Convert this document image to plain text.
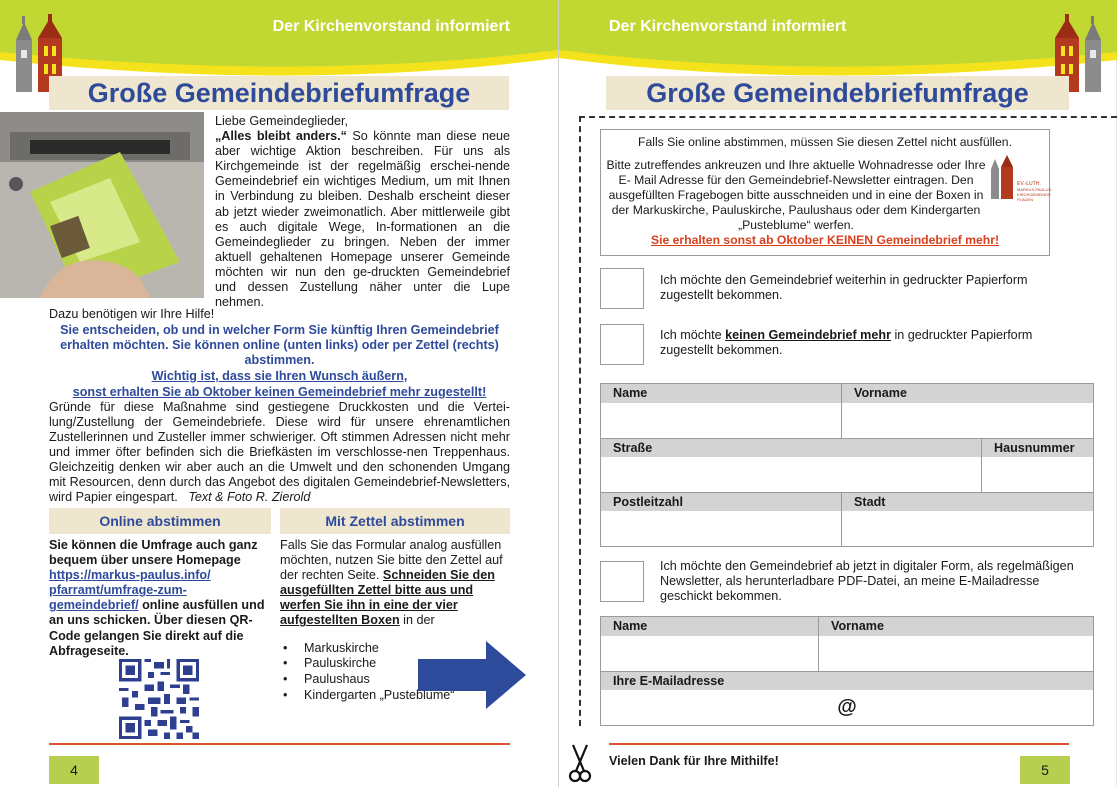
Der Kirchenvorstand informiert
Große Gemeindebriefumfrage
Liebe Gemeindeglieder,
„Alles bleibt anders.“ So könnte man diese neue aber wichtige Aktion beschreiben. Für uns als Kirchgemeinde ist der regelmäßig erschei-nende Gemeindebrief ein wichtiges Medium, um mit Ihnen in Verbindung zu bleiben. Deshalb erscheint dieser ab jetzt wieder zweimonatlich. Aber mittlerweile gibt es auch digitale Wege, In-formationen an die Gemeindeglieder zu bringen. Neben der immer aktuell gehaltenen Homepage unserer Gemeinde möchten wir nun den ge-druckten Gemeindebrief und dessen Zustellung näher unter die Lupe nehmen.
Dazu benötigen wir Ihre Hilfe!
Sie entscheiden, ob und in welcher Form Sie künftig Ihren Gemeindebrief erhalten möchten. Sie können online (unten links) oder per Zettel (rechts) abstimmen.
Wichtig ist, dass sie Ihren Wunsch äußern,
sonst erhalten Sie ab Oktober keinen Gemeindebrief mehr zugestellt!
Gründe für diese Maßnahme sind gestiegene Druckkosten und die Vertei-lung/Zustellung der Gemeindebriefe. Diese wird für unsere ehrenamtlichen Zustellerinnen und Zusteller immer schwieriger. Oft stimmen Adressen nicht mehr und immer öfter befinden sich die Briefkästen im verschlosse-nen Treppenhaus. Gleichzeitig denken wir aber auch an die Umwelt und den schonenden Umgang mit Resourcen, denn durch das Angebot des digitalen Gemeindebrief-Newsletters, wird Papier eingespart. Text & Foto R. Zierold
Online abstimmen	Mit Zettel abstimmen
Sie können die Umfrage auch ganz bequem über unsere Homepage https://markus-paulus.info/ pfarramt/umfrage-zum-gemeindebrief/ online ausfüllen und an uns schicken. Über diesen QR-Code gelangen Sie direkt auf die Abfrageseite.
Falls Sie das Formular analog ausfüllen möchten, nutzen Sie bitte den Zettel auf der rechten Seite. Schneiden Sie den ausgefüllten Zettel bitte aus und werfen Sie ihn in eine der vier aufgestellten Boxen in der
• Markuskirche
• Pauluskirche
• Paulushaus
• Kindergarten „Pusteblume“
4
Der Kirchenvorstand informiert
Große Gemeindebriefumfrage
Falls Sie online abstimmen, müssen Sie diesen Zettel nicht ausfüllen.
Bitte zutreffendes ankreuzen und Ihre aktuelle Wohnadresse oder Ihre E- Mail Adresse für den Gemeindebrief-Newsletter eintragen. Den ausgefüllten Fragebogen bitte ausschneiden und in eine der Boxen in der Markuskirche, Pauluskirche, Paulushaus oder dem Kindergarten „Pusteblume“ werfen.
Sie erhalten sonst ab Oktober KEINEN Gemeindebrief mehr!
EV.-LUTH.
MARKUS-PAULUS-
KIRCHGEMEINDE
PLAUEN
Ich möchte den Gemeindebrief weiterhin in gedruckter Papierform zugestellt bekommen.
Ich möchte keinen Gemeindebrief mehr in gedruckter Papierform zugestellt bekommen.
Name	Vorname
Straße	Hausnummer
Postleitzahl	Stadt
Ich möchte den Gemeindebrief ab jetzt in digitaler Form, als regelmäßigen Newsletter, als herunterladbare PDF-Datei, an meine E-Mailadresse geschickt bekommen.
Name	Vorname
Ihre E-Mailadresse
@
Vielen Dank für Ihre Mithilfe!
5
